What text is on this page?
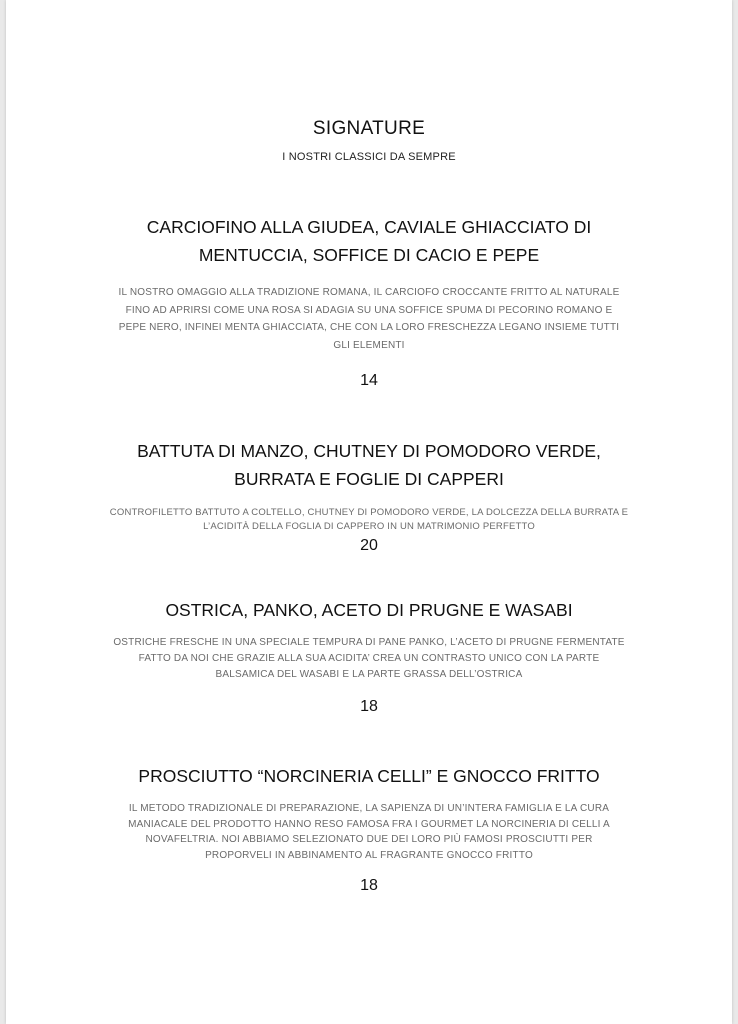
SIGNATURE
I NOSTRI CLASSICI DA SEMPRE
CARCIOFINO ALLA GIUDEA, CAVIALE GHIACCIATO DI
MENTUCCIA, SOFFICE DI CACIO E PEPE
IL NOSTRO OMAGGIO ALLA TRADIZIONE ROMANA, IL CARCIOFO CROCCANTE FRITTO AL NATURALE
FINO AD APRIRSI COME UNA ROSA SI ADAGIA SU UNA SOFFICE SPUMA DI PECORINO ROMANO E
PEPE NERO, INFINEI MENTA GHIACCIATA, CHE CON LA LORO FRESCHEZZA LEGANO INSIEME TUTTI
GLI ELEMENTI
14
BATTUTA DI MANZO, CHUTNEY DI POMODORO VERDE,
BURRATA E FOGLIE DI CAPPERI
CONTROFILETTO BATTUTO A COLTELLO, CHUTNEY DI POMODORO VERDE, LA DOLCEZZA DELLA BURRATA E
L’ACIDITÀ DELLA FOGLIA DI CAPPERO IN UN MATRIMONIO PERFETTO
20
OSTRICA, PANKO, ACETO DI PRUGNE E WASABI
OSTRICHE FRESCHE IN UNA SPECIALE TEMPURA DI PANE PANKO, L’ACETO DI PRUGNE FERMENTATE
FATTO DA NOI CHE GRAZIE ALLA SUA ACIDITA’ CREA UN CONTRASTO UNICO CON LA PARTE
BALSAMICA DEL WASABI E LA PARTE GRASSA DELL’OSTRICA
18
PROSCIUTTO “NORCINERIA CELLI” E GNOCCO FRITTO
IL METODO TRADIZIONALE DI PREPARAZIONE, LA SAPIENZA DI UN’INTERA FAMIGLIA E LA CURA
MANIACALE DEL PRODOTTO HANNO RESO FAMOSA FRA I GOURMET LA NORCINERIA DI CELLI A
NOVAFELTRIA. NOI ABBIAMO SELEZIONATO DUE DEI LORO PIÙ FAMOSI PROSCIUTTI PER
PROPORVELI IN ABBINAMENTO AL FRAGRANTE GNOCCO FRITTO
18
